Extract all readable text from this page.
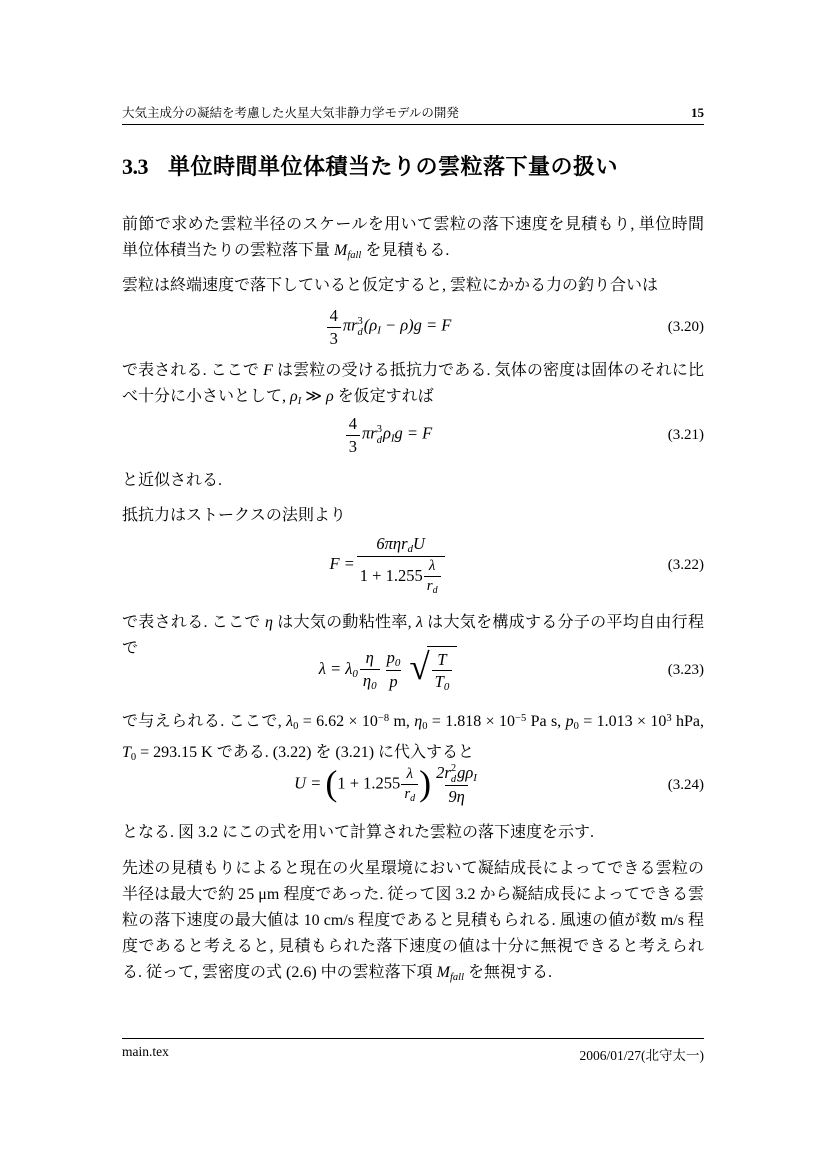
大気主成分の凝結を考慮した火星大気非静力学モデルの開発	15
3.3 単位時間単位体積当たりの雲粒落下量の扱い
前節で求めた雲粒半径のスケールを用いて雲粒の落下速度を見積もり, 単位時間単位体積当たりの雲粒落下量 $M_{fall}$ を見積もる.
雲粒は終端速度で落下していると仮定すると, 雲粒にかかる力の釣り合いは
$\frac{4}{3}$ πr 3
d $(\rho_I - \rho)g = F$	(3.20)
で表される. ここで F は雲粒の受ける抵抗力である. 気体の密度は固体のそれに比べ十分に小さいとして, $\rho_I$ ≫ ρ を仮定すれば
$\frac{4}{3}$ πr 3
d $\rho_Ig = F$	(3.21)
と近似される.
抵抗力はストークスの法則より
$F = \frac{6\pi\eta r_dU}{1 + 1.255 \frac{\lambda}{r_d}}$	(3.22)
で表される. ここで η は大気の動粘性率, λ は大気を構成する分子の平均自由行程で
$\lambda = \lambda_0 \frac{\eta}{\eta_0} \frac{p_0}{p}$ √ $\frac{T}{T_0}$	(3.23)
で与えられる. ここで, $\lambda_0 = 6.62 \times 10^{-8}$ m, $\eta_0 = 1.818 \times 10^{-5}$ Pa s, $p_0 = 1.013 \times 10^3$ hPa, $T_0 = 293.15$ K である. (3.22) を (3.21) に代入すると
$U = (1 + 1.255 \frac{\lambda}{r_d}$ ) 2r 2
d $g\rho_I$
9η	(3.24)
となる. 図 3.2 にこの式を用いて計算された雲粒の落下速度を示す.
先述の見積もりによると現在の火星環境において凝結成長によってできる雲粒の半径は最大で約 25 μm 程度であった. 従って図 3.2 から凝結成長によってできる雲粒の落下速度の最大値は 10 cm/s 程度であると見積もられる. 風速の値が数 m/s 程度であると考えると, 見積もられた落下速度の値は十分に無視できると考えられる. 従って, 雲密度の式 (2.6) 中の雲粒落下項 $M_{fall}$ を無視する.
main.tex	2006/01/27(北守太一)
